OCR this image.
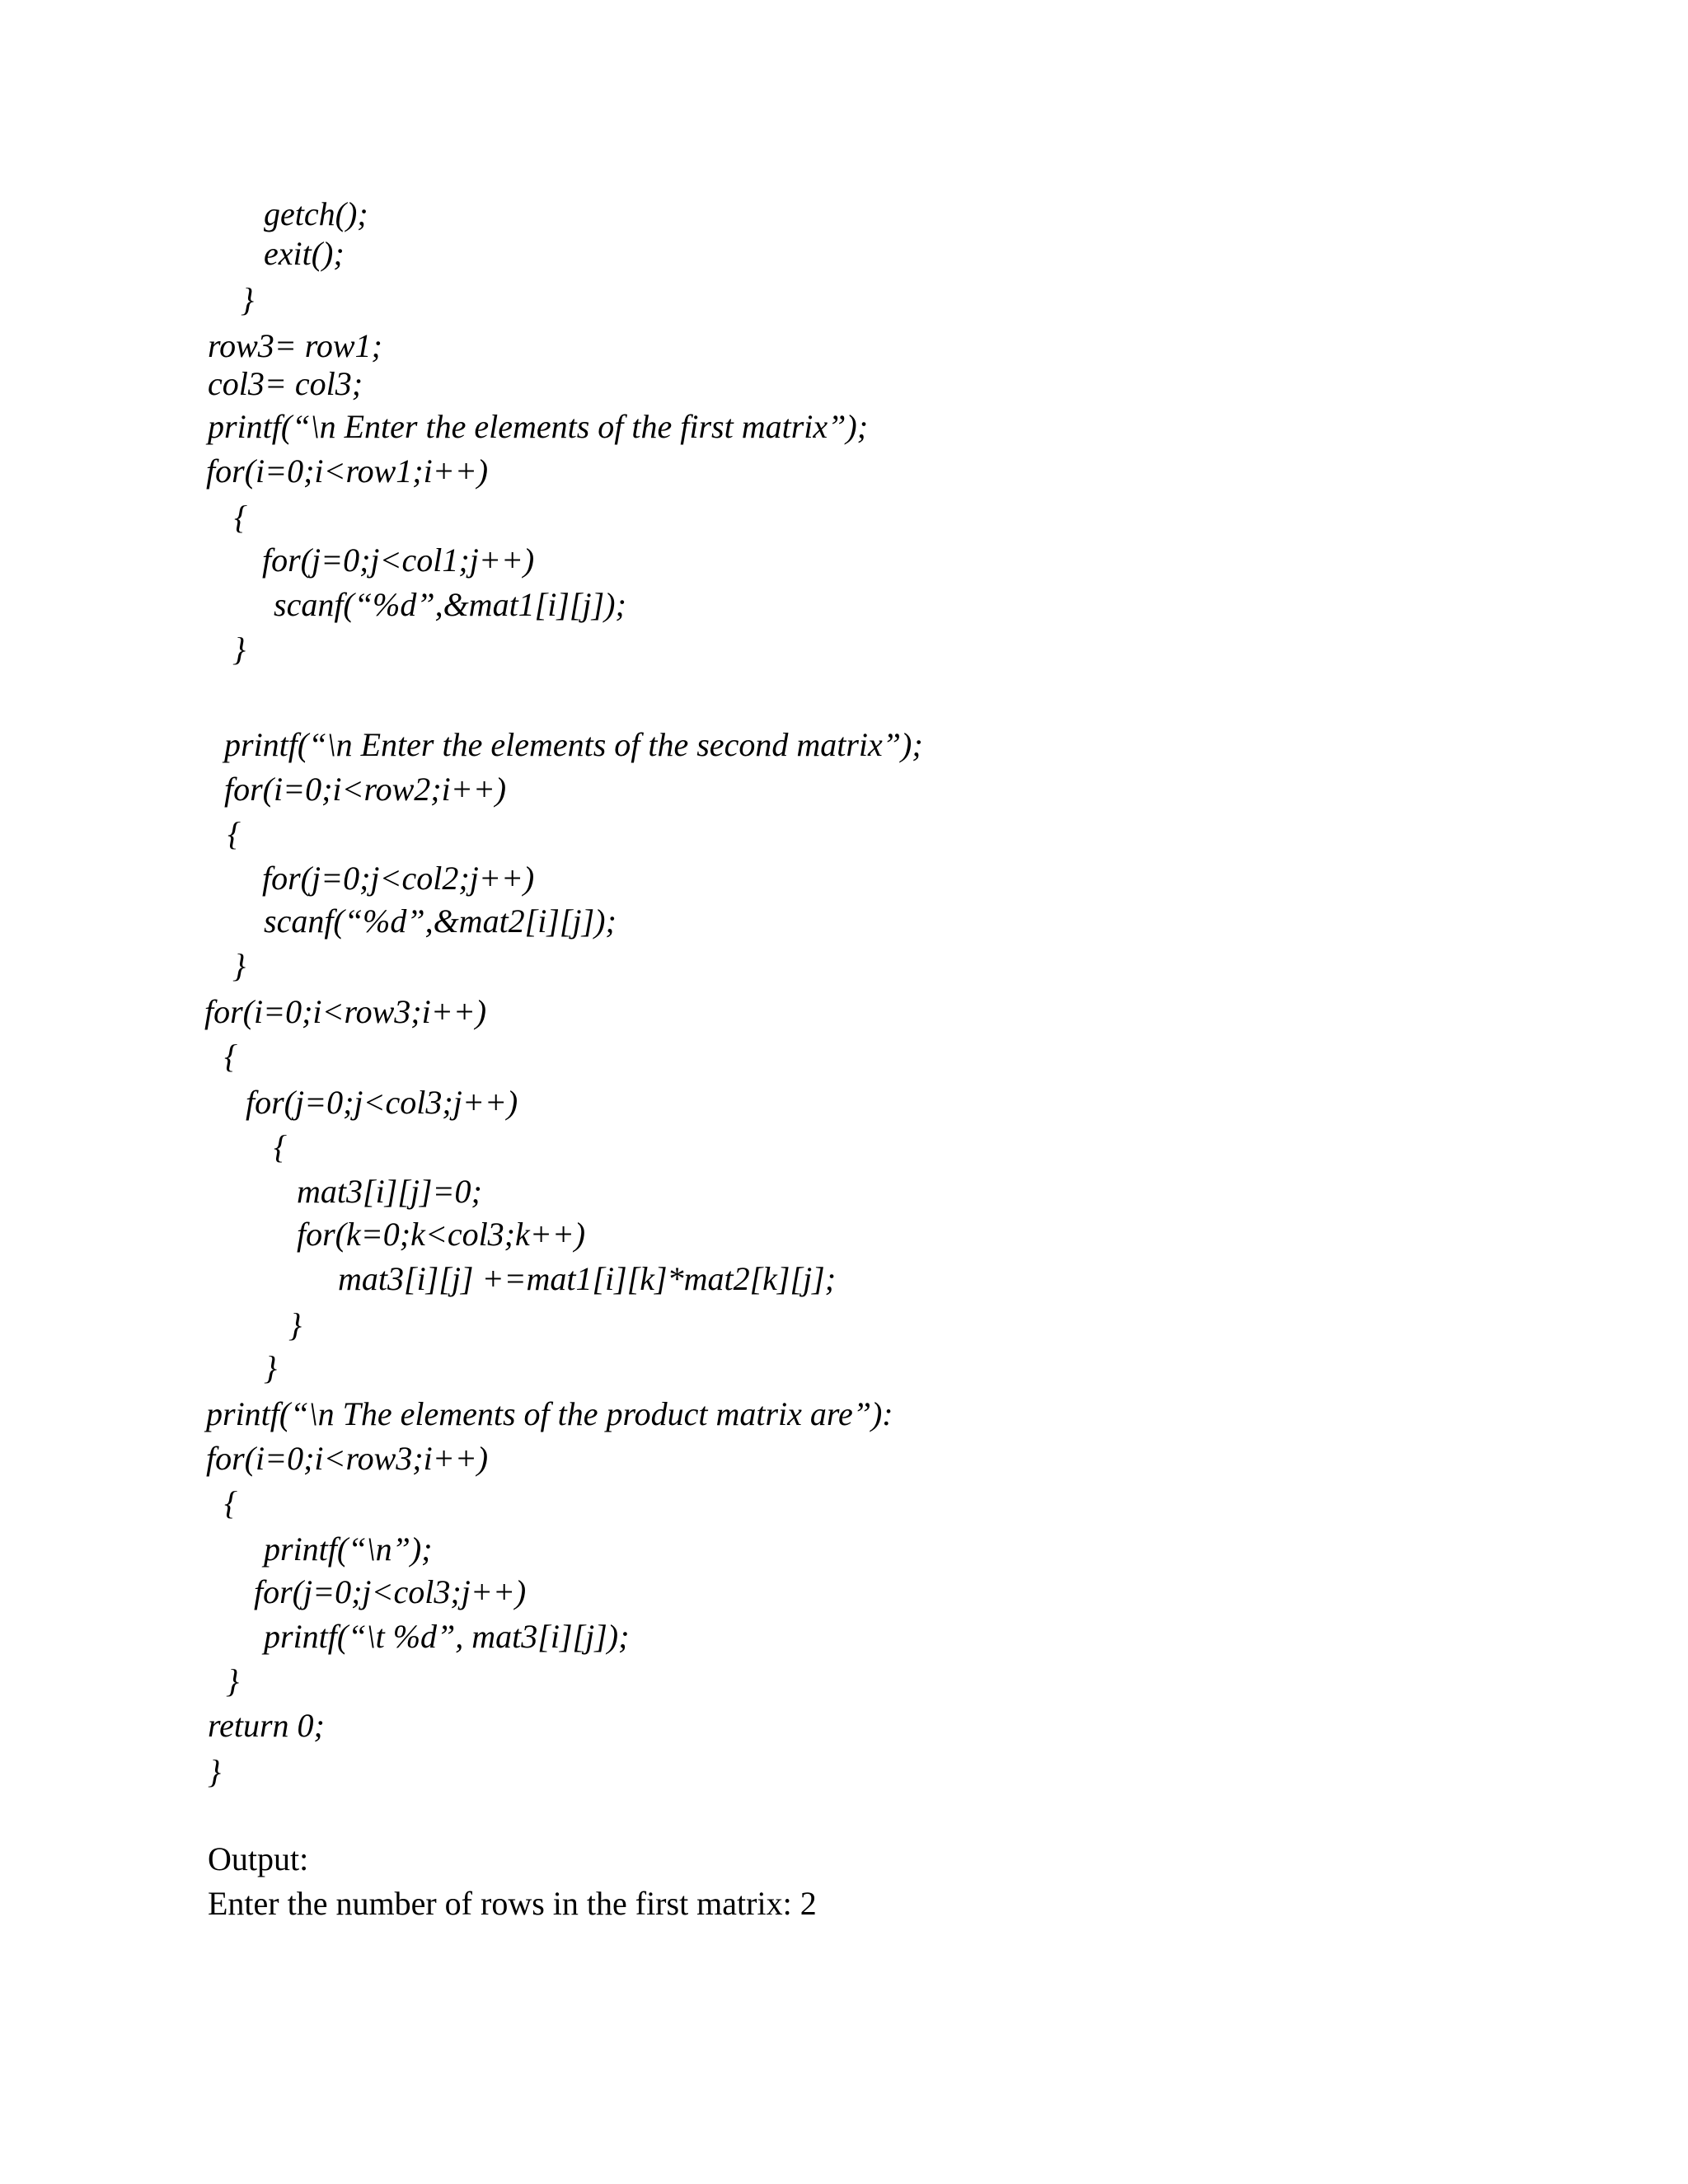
getch();
exit();
}
row3= row1;
col3= col3;
printf(“\n Enter the elements of the first matrix”);
for(i=0;i<row1;i++)
{
for(j=0;j<col1;j++)
scanf(“%d”,&mat1[i][j]);
}
printf(“\n Enter the elements of the second matrix”);
for(i=0;i<row2;i++)
{
for(j=0;j<col2;j++)
scanf(“%d”,&mat2[i][j]);
}
for(i=0;i<row3;i++)
{
for(j=0;j<col3;j++)
{
mat3[i][j]=0;
for(k=0;k<col3;k++)
mat3[i][j] +=mat1[i][k]*mat2[k][j];
}
}
printf(“\n The elements of the product matrix are”):
for(i=0;i<row3;i++)
{
printf(“\n”);
for(j=0;j<col3;j++)
printf(“\t %d”, mat3[i][j]);
}
return 0;
}
Output:
Enter the number of rows in the first matrix: 2
